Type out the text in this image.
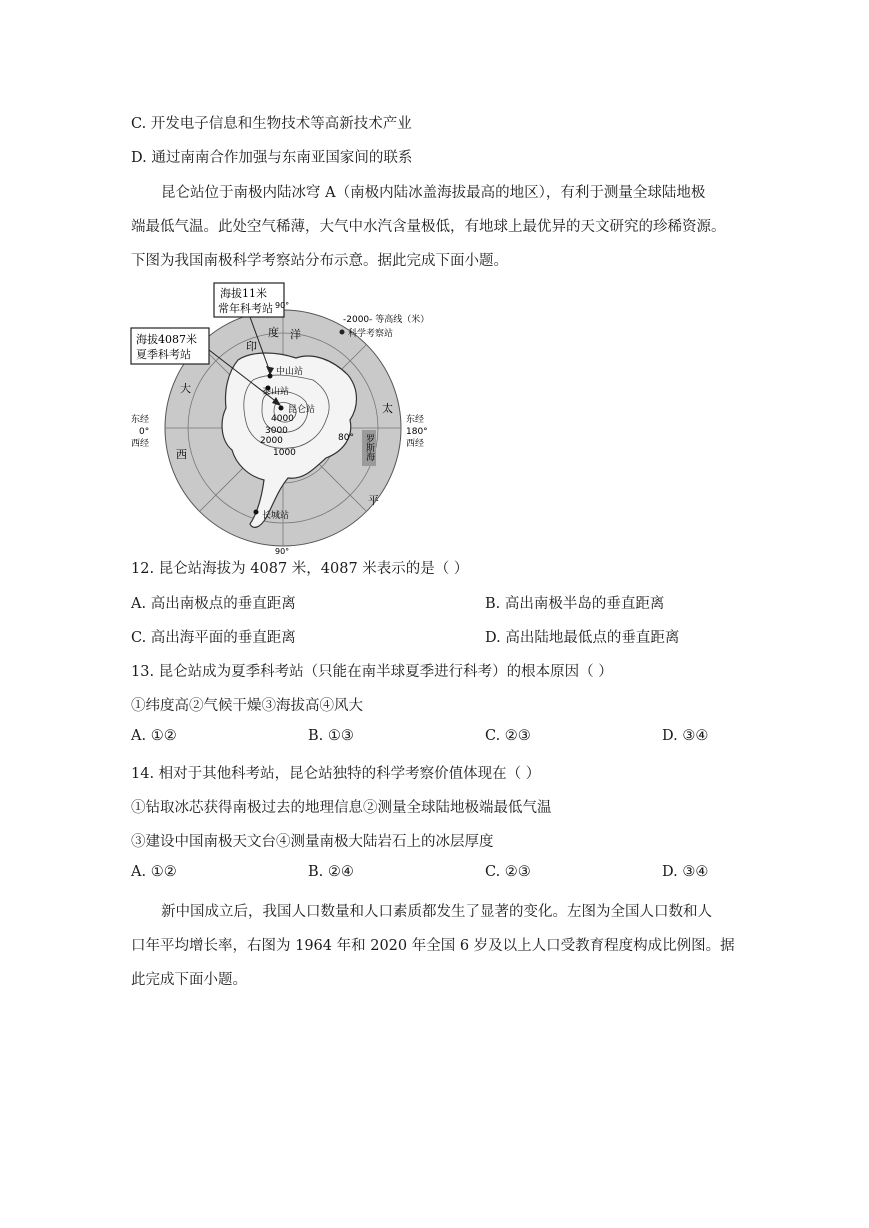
C. 开发电子信息和生物技术等高新技术产业
D. 通过南南合作加强与东南亚国家间的联系
昆仑站位于南极内陆冰穹 A（南极内陆冰盖海拔最高的地区），有利于测量全球陆地极
端最低气温。此处空气稀薄，大气中水汽含量极低，有地球上最优异的天文研究的珍稀资源。
下图为我国南极科学考察站分布示意。据此完成下面小题。
罗斯海
海拔11米
常年科考站
海拔4087米
夏季科考站
-2000- 等高线（米）
科学考察站
90°
90°
东经
0°
西经
东经
180°
西经
印
度 洋
大
西
太
平
中山站
泰山站
昆仑站
长城站
4000
3000
2000
1000
80°
12. 昆仑站海拔为 4087 米，4087 米表示的是（ ）
A. 高出南极点的垂直距离	B. 高出南极半岛的垂直距离
C. 高出海平面的垂直距离	D. 高出陆地最低点的垂直距离
13. 昆仑站成为夏季科考站（只能在南半球夏季进行科考）的根本原因（ ）
①纬度高②气候干燥③海拔高④风大
A. ①②	B. ①③	C. ②③	D. ③④
14. 相对于其他科考站，昆仑站独特的科学考察价值体现在（ ）
①钻取冰芯获得南极过去的地理信息②测量全球陆地极端最低气温
③建设中国南极天文台④测量南极大陆岩石上的冰层厚度
A. ①②	B. ②④	C. ②③	D. ③④
新中国成立后，我国人口数量和人口素质都发生了显著的变化。左图为全国人口数和人
口年平均增长率，右图为 1964 年和 2020 年全国 6 岁及以上人口受教育程度构成比例图。据
此完成下面小题。
